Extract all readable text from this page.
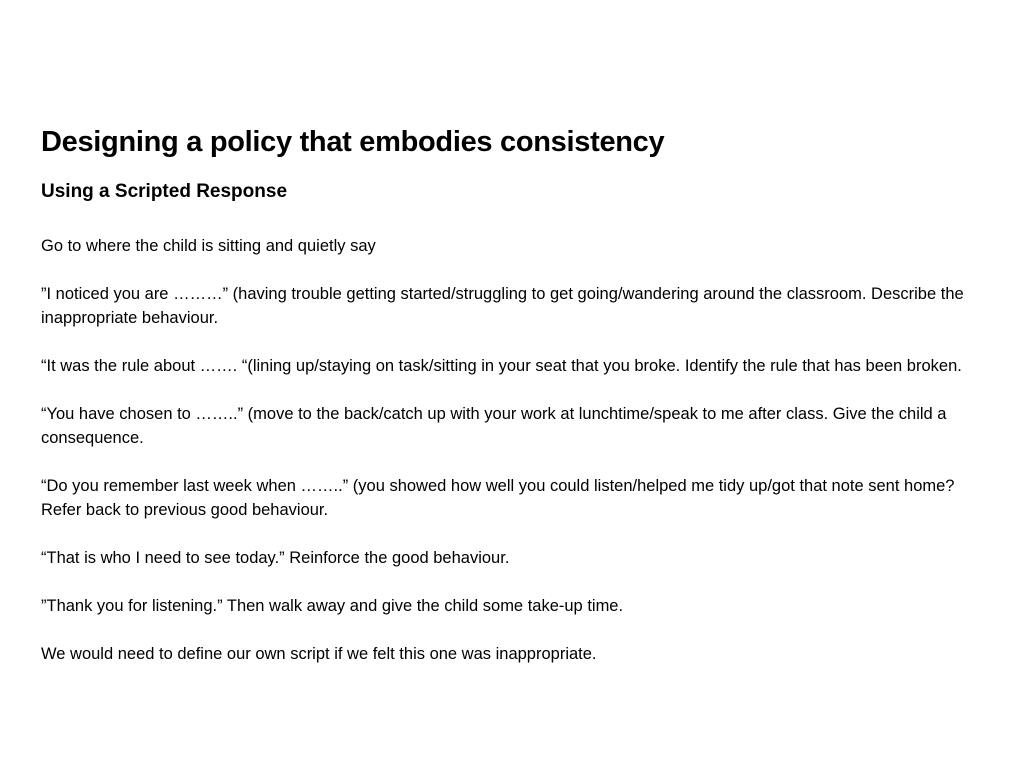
Designing a policy that embodies consistency
Using a Scripted Response

Go to where the child is sitting and quietly say

”I noticed you are ………” (having trouble getting started/struggling to get going/wandering around the classroom. Describe the inappropriate behaviour.

“It was the rule about ……. “(lining up/staying on task/sitting in your seat that you broke. Identify the rule that has been broken.

“You have chosen to ……..” (move to the back/catch up with your work at lunchtime/speak to me after class. Give the child a consequence.

“Do you remember last week when ……..” (you showed how well you could listen/helped me tidy up/got that note sent home? Refer back to previous good behaviour.

“That is who I need to see today.” Reinforce the good behaviour.

”Thank you for listening.” Then walk away and give the child some take-up time.

We would need to define our own script if we felt this one was inappropriate.
